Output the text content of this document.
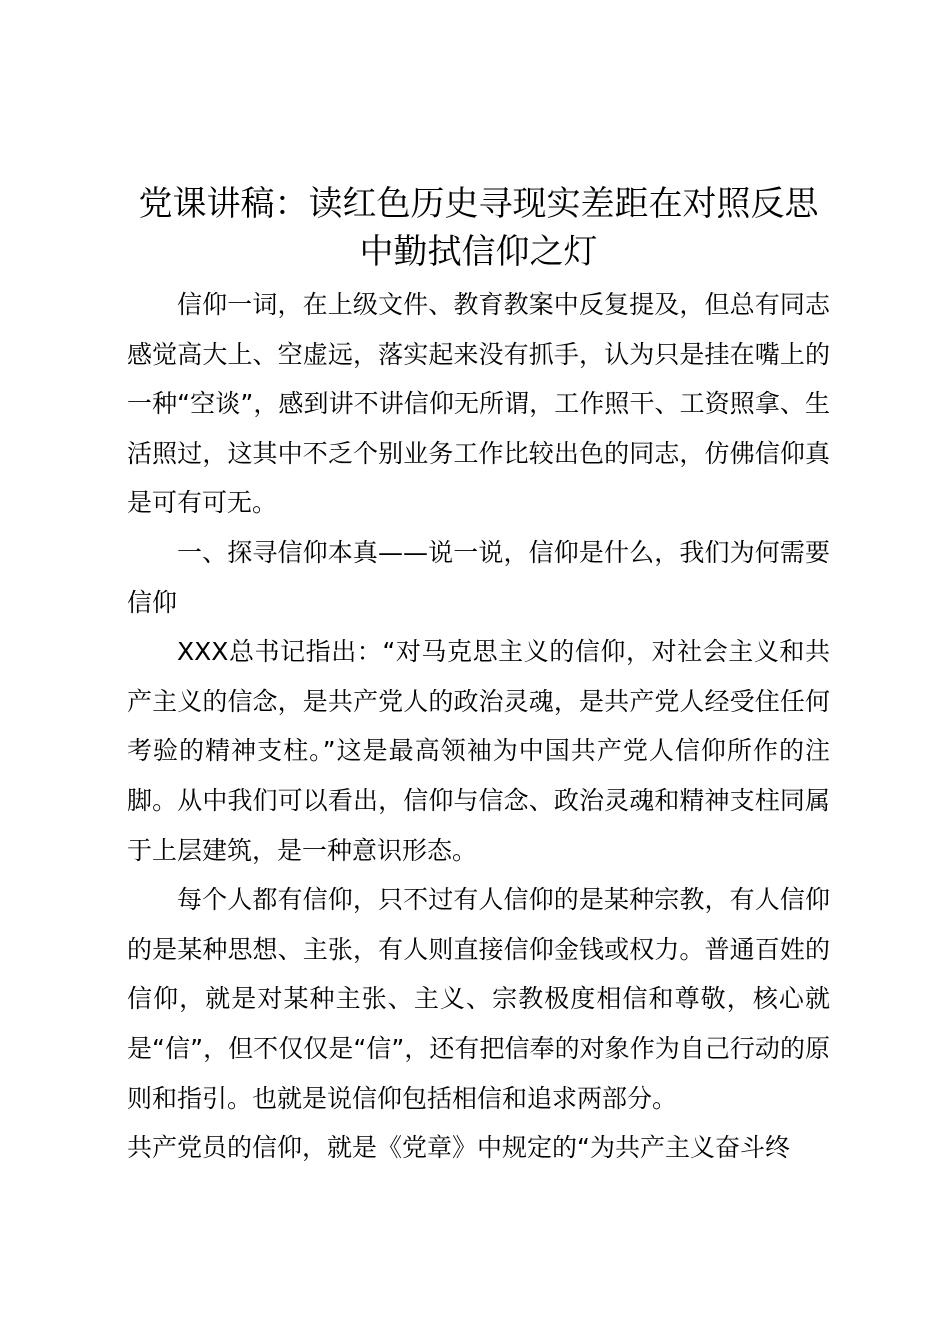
党课讲稿：读红色历史寻现实差距在对照反思
中勤拭信仰之灯

信仰一词，在上级文件、教育教案中反复提及，但总有同志感觉高大上、空虚远，落实起来没有抓手，认为只是挂在嘴上的一种“空谈”，感到讲不讲信仰无所谓，工作照干、工资照拿、生活照过，这其中不乏个别业务工作比较出色的同志，仿佛信仰真是可有可无。

一、探寻信仰本真——说一说，信仰是什么，我们为何需要信仰

XXX总书记指出：“对马克思主义的信仰，对社会主义和共产主义的信念，是共产党人的政治灵魂，是共产党人经受住任何考验的精神支柱。”这是最高领袖为中国共产党人信仰所作的注脚。从中我们可以看出，信仰与信念、政治灵魂和精神支柱同属于上层建筑，是一种意识形态。

每个人都有信仰，只不过有人信仰的是某种宗教，有人信仰的是某种思想、主张，有人则直接信仰金钱或权力。普通百姓的信仰，就是对某种主张、主义、宗教极度相信和尊敬，核心就是“信”，但不仅仅是“信”，还有把信奉的对象作为自己行动的原则和指引。也就是说信仰包括相信和追求两部分。

共产党员的信仰，就是《党章》中规定的“为共产主义奋斗终
